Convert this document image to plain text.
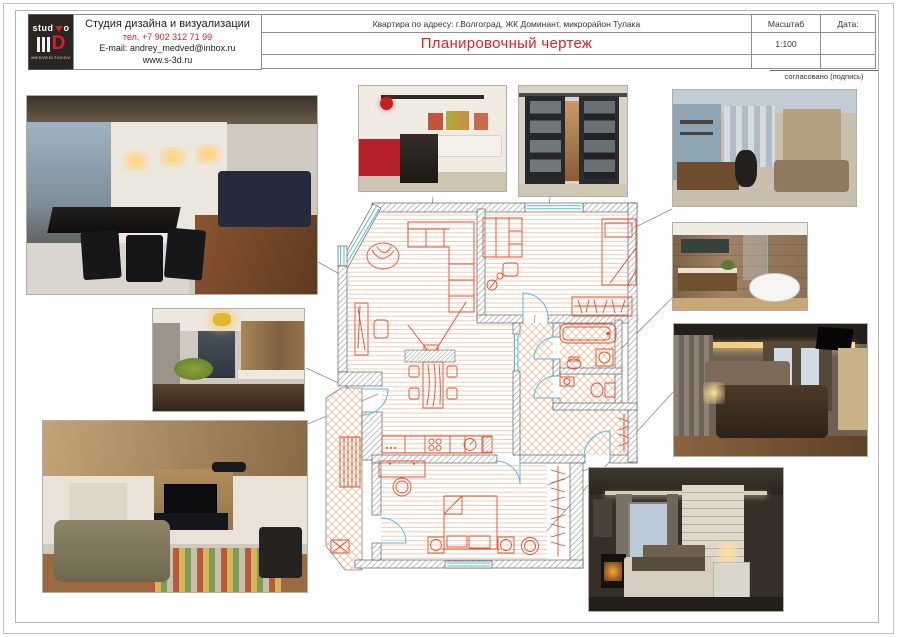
stud o
D
MEDVEDITCKOV
Студия дизайна и визуализации
тел. +7 902 312 71 99
E-mail: andrey_medved@inbox.ru
www.s-3d.ru
Квартира по адресу: г.Волгоград, ЖК Доминант, микрорайон Тулака
Планировочный чертеж
Масштаб
1:100
Дата:
согласовано (подпись)
